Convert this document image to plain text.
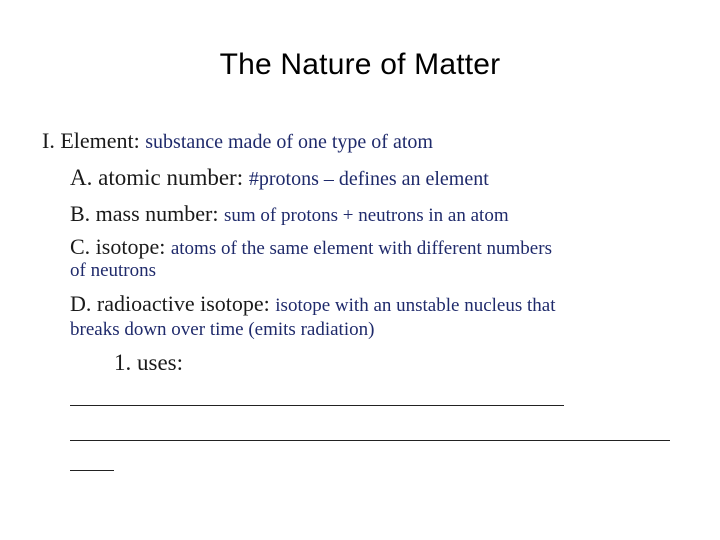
The Nature of Matter
I. Element: substance made of one type of atom
A. atomic number: #protons – defines an element
B. mass number: sum of protons + neutrons in an atom
C. isotope: atoms of the same element with different numbers
of neutrons
D. radioactive isotope: isotope with an unstable nucleus that
breaks down over time (emits radiation)
1. uses:
